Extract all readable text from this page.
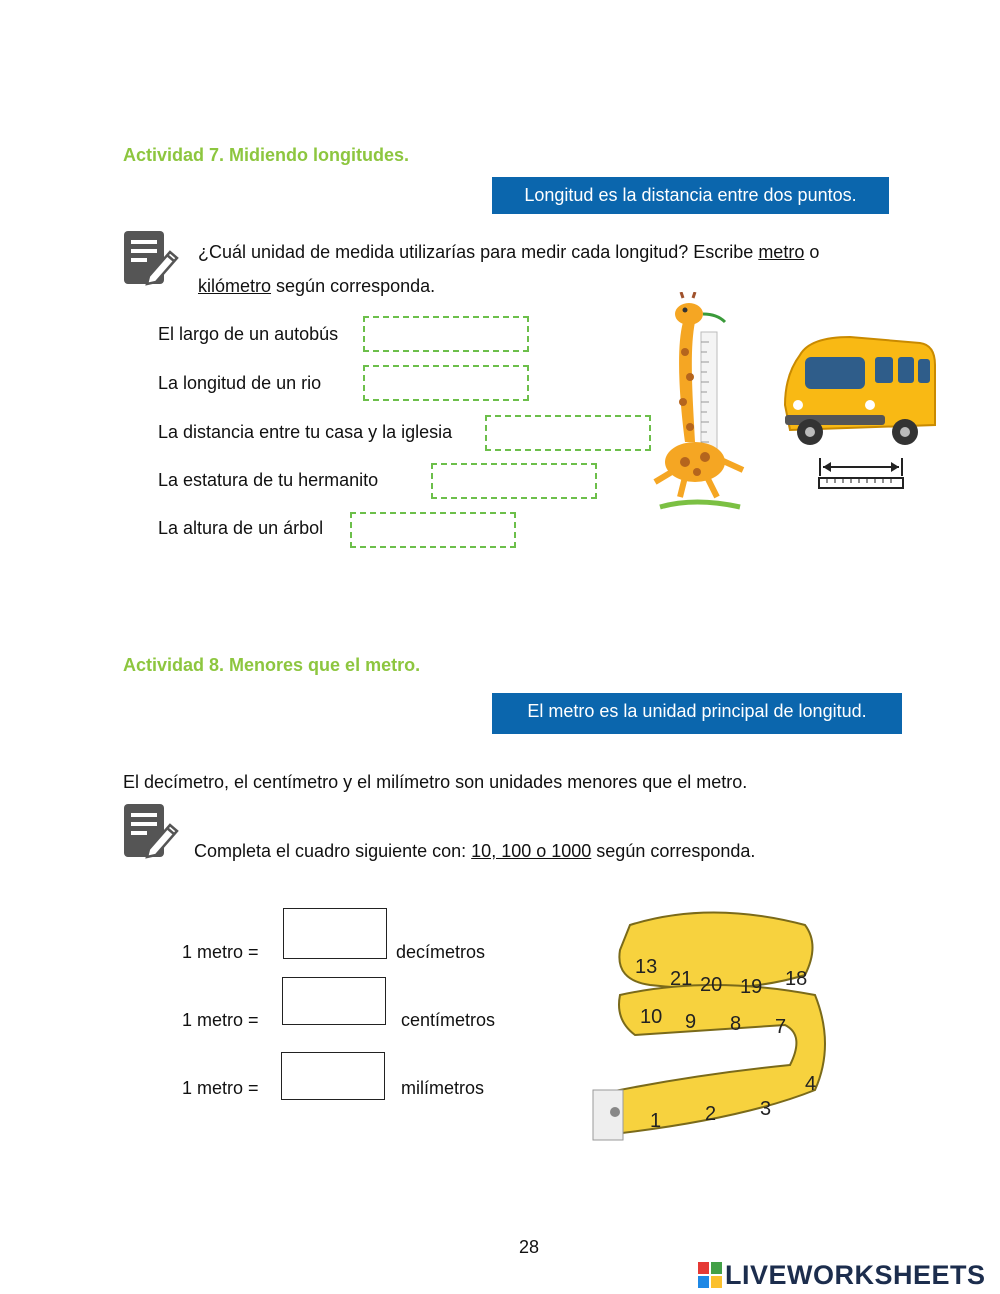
Actividad 7. Midiendo longitudes.
Longitud es la distancia entre dos puntos.
¿Cuál unidad de medida utilizarías para medir cada longitud? Escribe metro o
kilómetro según corresponda.
El largo de un autobús
La longitud de un rio
La distancia entre tu casa y la iglesia
La estatura de tu hermanito
La altura de un árbol
Actividad 8. Menores que el metro.
El metro es la unidad principal de longitud.
El decímetro, el centímetro y el milímetro son unidades menores que el metro.
Completa el cuadro siguiente con: 10, 100 o 1000 según corresponda.
1 metro =	decímetros
1 metro =	centímetros
1 metro =	milímetros
1 2 3
4
7
8
9
10
13
19
20
21	18
28
LIVEWORKSHEETS
